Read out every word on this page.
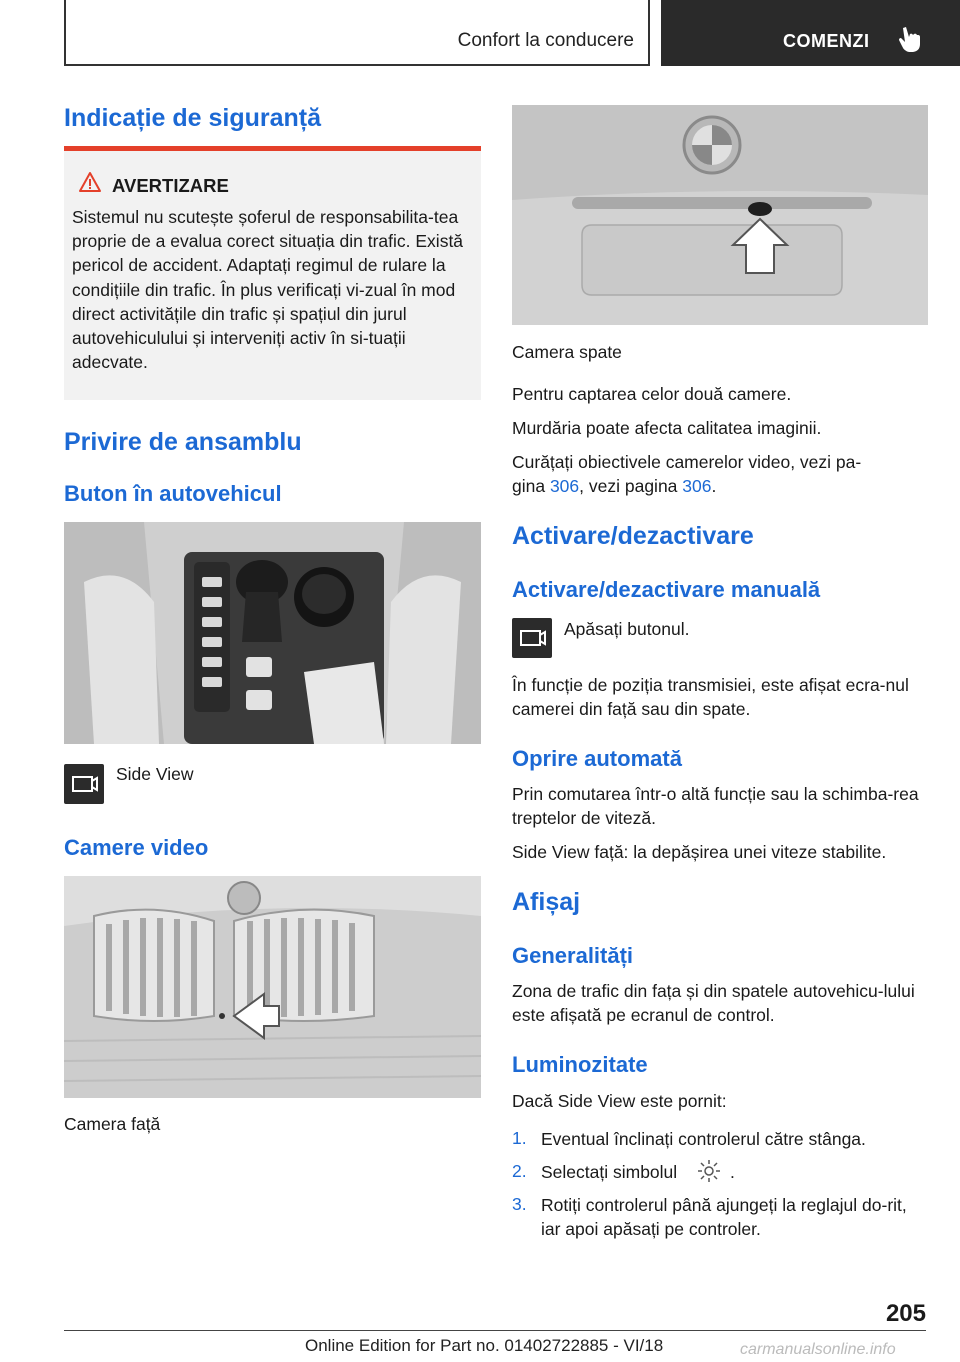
Confort la conducere	COMENZI
Indicație de siguranță
AVERTIZARE
Sistemul nu scutește șoferul de responsabilita-tea proprie de a evalua corect situația din trafic. Există pericol de accident. Adaptați regimul de rulare la condițiile din trafic. În plus verificați vi-zual în mod direct activitățile din trafic și spațiul din jurul autovehiculului și interveniți activ în si-tuații adecvate.
Privire de ansamblu
Buton în autovehicul
Side View
Camere video
Camera față
Camera spate
Pentru captarea celor două camere.
Murdăria poate afecta calitatea imaginii.
Curățați obiectivele camerelor video, vezi pa-
gina 306, vezi pagina 306.
Activare/dezactivare
Activare/dezactivare manuală
Apăsați butonul.
În funcție de poziția transmisiei, este afișat ecra-nul camerei din față sau din spate.
Oprire automată
Prin comutarea într-o altă funcție sau la schimba-rea treptelor de viteză.
Side View față: la depășirea unei viteze stabilite.
Afișaj
Generalități
Zona de trafic din fața și din spatele autovehicu-lului este afișată pe ecranul de control.
Luminozitate
Dacă Side View este pornit:
1. Eventual înclinați controlerul către stânga.
2. Selectați simbolul	.
3. Rotiți controlerul până ajungeți la reglajul do-rit, iar apoi apăsați pe controler.
205
Online Edition for Part no. 01402722885 - VI/18	carmanualsonline.info
